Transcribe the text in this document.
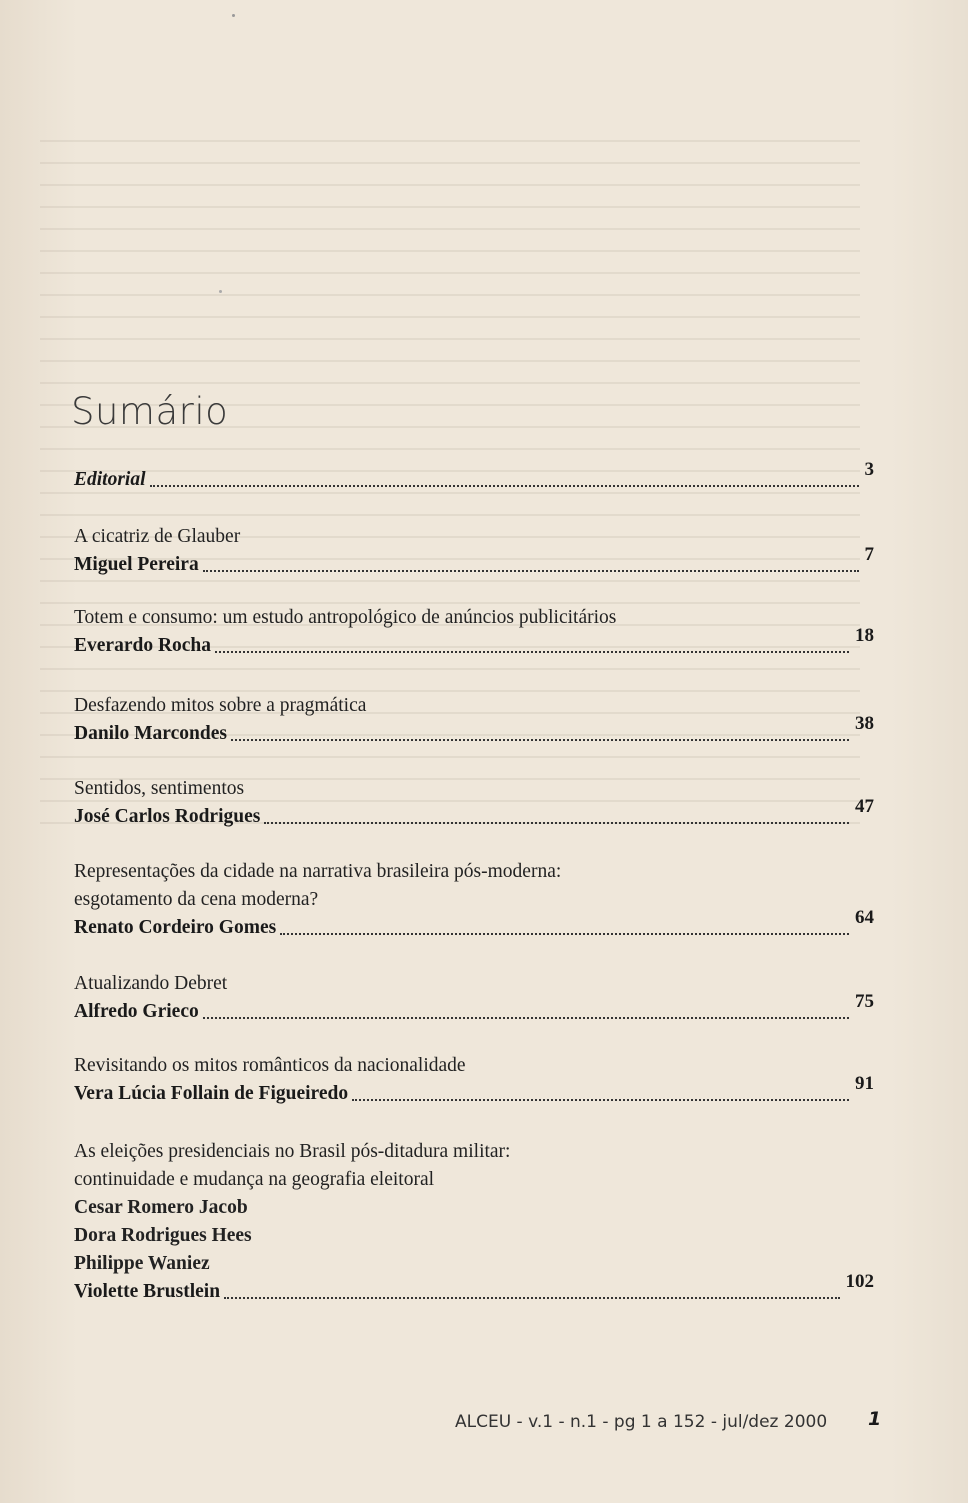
Sumário
Editorial	3
A cicatriz de Glauber
Miguel Pereira	7
Totem e consumo: um estudo antropológico de anúncios publicitários
Everardo Rocha	18
Desfazendo mitos sobre a pragmática
Danilo Marcondes	38
Sentidos, sentimentos
José Carlos Rodrigues	47
Representações da cidade na narrativa brasileira pós-moderna:
esgotamento da cena moderna?
Renato Cordeiro Gomes	64
Atualizando Debret
Alfredo Grieco	75
Revisitando os mitos românticos da nacionalidade
Vera Lúcia Follain de Figueiredo	91
As eleições presidenciais no Brasil pós-ditadura militar:
continuidade e mudança na geografia eleitoral
Cesar Romero Jacob
Dora Rodrigues Hees
Philippe Waniez
Violette Brustlein	102
ALCEU - v.1 - n.1 - pg 1 a 152 - jul/dez 2000 1
